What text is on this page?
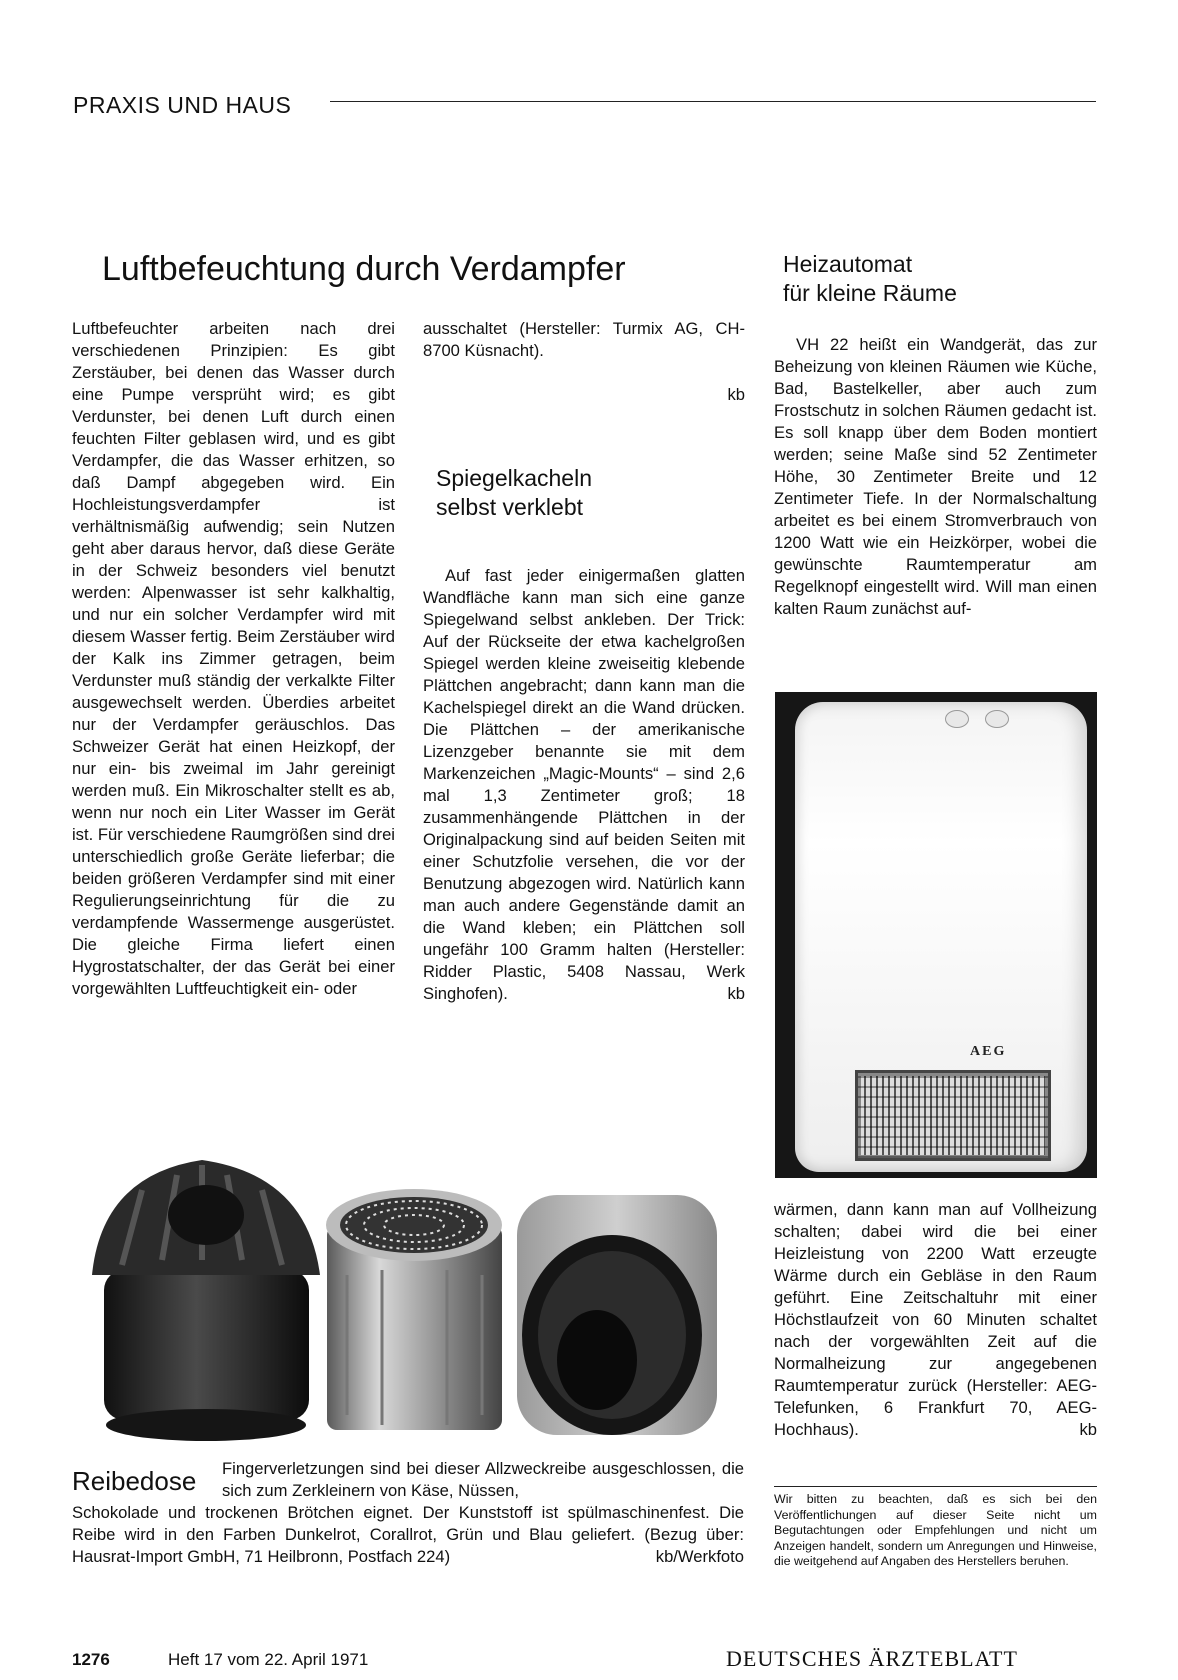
PRAXIS UND HAUS
Luftbefeuchtung durch Verdampfer
Luftbefeuchter arbeiten nach drei verschiedenen Prinzipien: Es gibt Zerstäuber, bei denen das Wasser durch eine Pumpe versprüht wird; es gibt Verdunster, bei denen Luft durch einen feuchten Filter geblasen wird, und es gibt Verdampfer, die das Wasser erhitzen, so daß Dampf abgegeben wird. Ein Hochleistungsverdampfer ist verhältnismäßig aufwendig; sein Nutzen geht aber daraus hervor, daß diese Geräte in der Schweiz besonders viel benutzt werden: Alpenwasser ist sehr kalkhaltig, und nur ein solcher Verdampfer wird mit diesem Wasser fertig. Beim Zerstäuber wird der Kalk ins Zimmer getragen, beim Verdunster muß ständig der verkalkte Filter ausgewechselt werden. Überdies arbeitet nur der Verdampfer geräuschlos. Das Schweizer Gerät hat einen Heizkopf, der nur ein- bis zweimal im Jahr gereinigt werden muß. Ein Mikroschalter stellt es ab, wenn nur noch ein Liter Wasser im Gerät ist. Für verschiedene Raumgrößen sind drei unterschiedlich große Geräte lieferbar; die beiden größeren Verdampfer sind mit einer Regulierungseinrichtung für die zu verdampfende Wassermenge ausgerüstet. Die gleiche Firma liefert einen Hygrostatschalter, der das Gerät bei einer vorgewählten Luftfeuchtigkeit ein- oder
ausschaltet (Hersteller: Turmix AG, CH-8700 Küsnacht).
kb
Spiegelkacheln
selbst verklebt

Auf fast jeder einigermaßen glatten Wandfläche kann man sich eine ganze Spiegelwand selbst ankleben. Der Trick: Auf der Rückseite der etwa kachelgroßen Spiegel werden kleine zweiseitig klebende Plättchen angebracht; dann kann man die Kachelspiegel direkt an die Wand drücken. Die Plättchen – der amerikanische Lizenzgeber benannte sie mit dem Markenzeichen „Magic-Mounts“ – sind 2,6 mal 1,3 Zentimeter groß; 18 zusammenhängende Plättchen in der Originalpackung sind auf beiden Seiten mit einer Schutzfolie versehen, die vor der Benutzung abgezogen wird. Natürlich kann man auch andere Gegenstände damit an die Wand kleben; ein Plättchen soll ungefähr 100 Gramm halten (Hersteller: Ridder Plastic, 5408 Nassau, Werk Singhofen).	kb
Heizautomat
für kleine Räume

VH 22 heißt ein Wandgerät, das zur Beheizung von kleinen Räumen wie Küche, Bad, Bastelkeller, aber auch zum Frostschutz in solchen Räumen gedacht ist. Es soll knapp über dem Boden montiert werden; seine Maße sind 52 Zentimeter Höhe, 30 Zentimeter Breite und 12 Zentimeter Tiefe. In der Normalschaltung arbeitet es bei einem Stromverbrauch von 1200 Watt wie ein Heizkörper, wobei die gewünschte Raumtemperatur am Regelknopf eingestellt wird. Will man einen kalten Raum zunächst auf-

AEG
wärmen, dann kann man auf Vollheizung schalten; dabei wird die bei einer Heizleistung von 2200 Watt erzeugte Wärme durch ein Gebläse in den Raum geführt. Eine Zeitschaltuhr mit einer Höchstlaufzeit von 60 Minuten schaltet nach der vorgewählten Zeit auf die Normalheizung zur angegebenen Raumtemperatur zurück (Hersteller: AEG-Telefunken, 6 Frankfurt 70, AEG-Hochhaus).	kb
Reibedose	Fingerverletzungen sind bei dieser Allzweckreibe ausgeschlossen, die sich zum Zerkleinern von Käse, Nüssen,
Schokolade und trockenen Brötchen eignet. Der Kunststoff ist spülmaschinenfest. Die Reibe wird in den Farben Dunkelrot, Corallrot, Grün und Blau geliefert. (Bezug über: Hausrat-Import GmbH, 71 Heilbronn, Postfach 224)	kb/Werkfoto
Wir bitten zu beachten, daß es sich bei den Veröffentlichungen auf dieser Seite nicht um Begutachtungen oder Empfehlungen und nicht um Anzeigen handelt, sondern um Anregungen und Hinweise, die weitgehend auf Angaben des Herstellers beruhen.
1276	Heft 17 vom 22. April 1971	DEUTSCHES ÄRZTEBLATT
